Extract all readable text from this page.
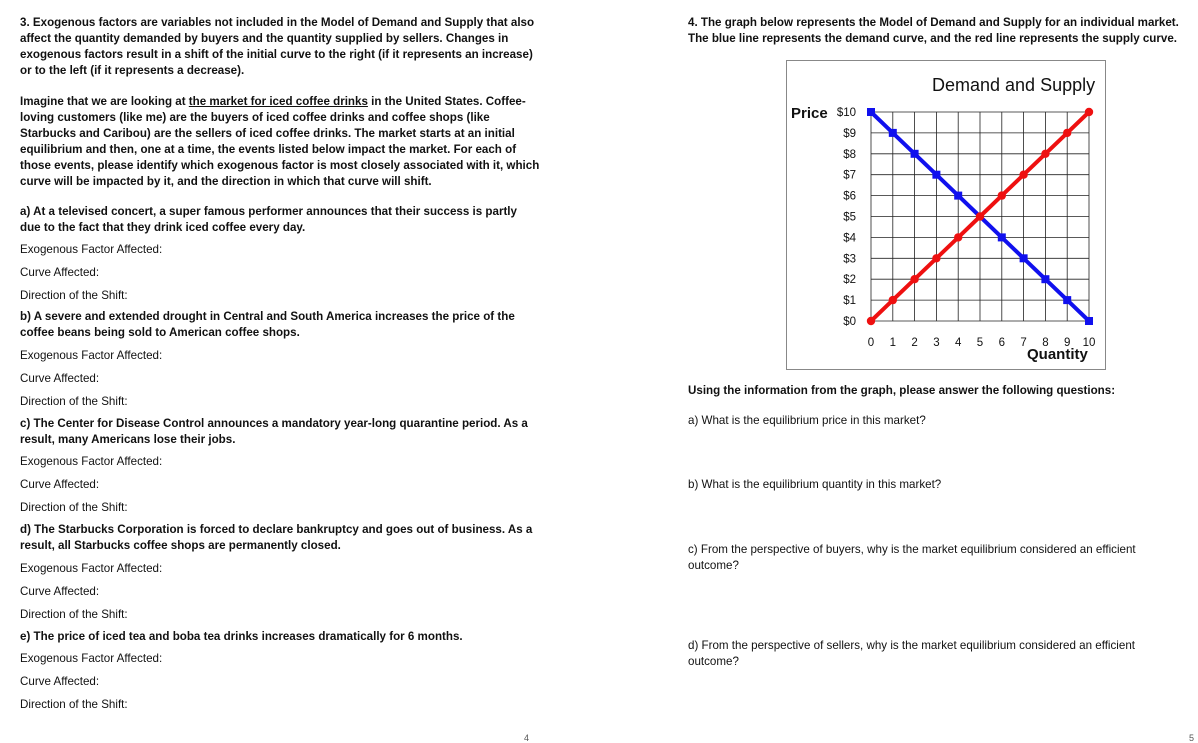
3. Exogenous factors are variables not included in the Model of Demand and Supply that also affect the quantity demanded by buyers and the quantity supplied by sellers. Changes in exogenous factors result in a shift of the initial curve to the right (if it represents an increase) or to the left (if it represents a decrease).
Imagine that we are looking at the market for iced coffee drinks in the United States. Coffee-loving customers (like me) are the buyers of iced coffee drinks and coffee shops (like Starbucks and Caribou) are the sellers of iced coffee drinks. The market starts at an initial equilibrium and then, one at a time, the events listed below impact the market. For each of those events, please identify which exogenous factor is most closely associated with it, which curve will be impacted by it, and the direction in which that curve will shift.
a) At a televised concert, a super famous performer announces that their success is partly due to the fact that they drink iced coffee every day.
Exogenous Factor Affected:
Curve Affected:
Direction of the Shift:
b) A severe and extended drought in Central and South America increases the price of the coffee beans being sold to American coffee shops.
Exogenous Factor Affected:
Curve Affected:
Direction of the Shift:
c) The Center for Disease Control announces a mandatory year-long quarantine period. As a result, many Americans lose their jobs.
Exogenous Factor Affected:
Curve Affected:
Direction of the Shift:
d) The Starbucks Corporation is forced to declare bankruptcy and goes out of business. As a result, all Starbucks coffee shops are permanently closed.
Exogenous Factor Affected:
Curve Affected:
Direction of the Shift:
e) The price of iced tea and boba tea drinks increases dramatically for 6 months.
Exogenous Factor Affected:
Curve Affected:
Direction of the Shift:
4. The graph below represents the Model of Demand and Supply for an individual market. The blue line represents the demand curve, and the red line represents the supply curve.
Using the information from the graph, please answer the following questions:
a) What is the equilibrium price in this market?
b) What is the equilibrium quantity in this market?
c) From the perspective of buyers, why is the market equilibrium considered an efficient outcome?
d) From the perspective of sellers, why is the market equilibrium considered an efficient outcome?
Demand and Supply
$0
$1
$2
$3
$4
$5
$6
$7
$8
$9
$10
0 1 2 3 4 5 6 7 8 9 10
Price
Quantity
4	5
